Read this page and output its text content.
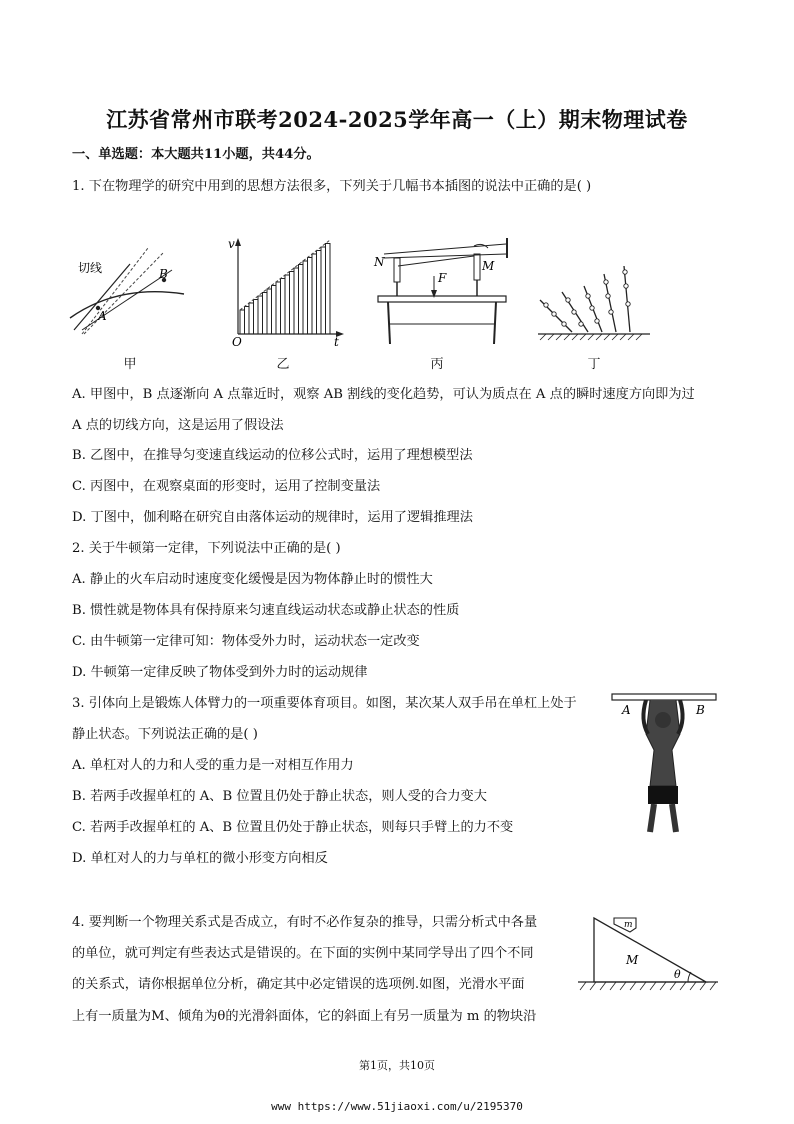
江苏省常州市联考2024-2025学年高一（上）期末物理试卷
一、单选题：本大题共11小题，共44分。
1. 下在物理学的研究中用到的思想方法很多，下列关于几幅书本插图的说法中正确的是( )
切线
A
B
甲
v
O	t
乙
N	M
F
丙	丁
A. 甲图中，B 点逐渐向 A 点靠近时，观察 AB 割线的变化趋势，可认为质点在 A 点的瞬时速度方向即为过
A 点的切线方向，这是运用了假设法
B. 乙图中，在推导匀变速直线运动的位移公式时，运用了理想模型法
C. 丙图中，在观察桌面的形变时，运用了控制变量法
D. 丁图中，伽利略在研究自由落体运动的规律时，运用了逻辑推理法
2. 关于牛顿第一定律，下列说法中正确的是( )
A. 静止的火车启动时速度变化缓慢是因为物体静止时的惯性大
B. 惯性就是物体具有保持原来匀速直线运动状态或静止状态的性质
C. 由牛顿第一定律可知：物体受外力时，运动状态一定改变
D. 牛顿第一定律反映了物体受到外力时的运动规律
3. 引体向上是锻炼人体臂力的一项重要体育项目。如图，某次某人双手吊在单杠上处于
静止状态。下列说法正确的是( )
A. 单杠对人的力和人受的重力是一对相互作用力
B. 若两手改握单杠的 A、B 位置且仍处于静止状态，则人受的合力变大
C. 若两手改握单杠的 A、B 位置且仍处于静止状态，则每只手臂上的力不变
D. 单杠对人的力与单杠的微小形变方向相反
A	B
4. 要判断一个物理关系式是否成立，有时不必作复杂的推导，只需分析式中各量
的单位，就可判定有些表达式是错误的。在下面的实例中某同学导出了四个不同
的关系式，请你根据单位分析，确定其中必定错误的选项例.如图，光滑水平面
上有一质量为M、倾角为θ的光滑斜面体，它的斜面上有另一质量为 m 的物块沿
m
M
θ
第1页，共10页
www https://www.51jiaoxi.com/u/2195370
